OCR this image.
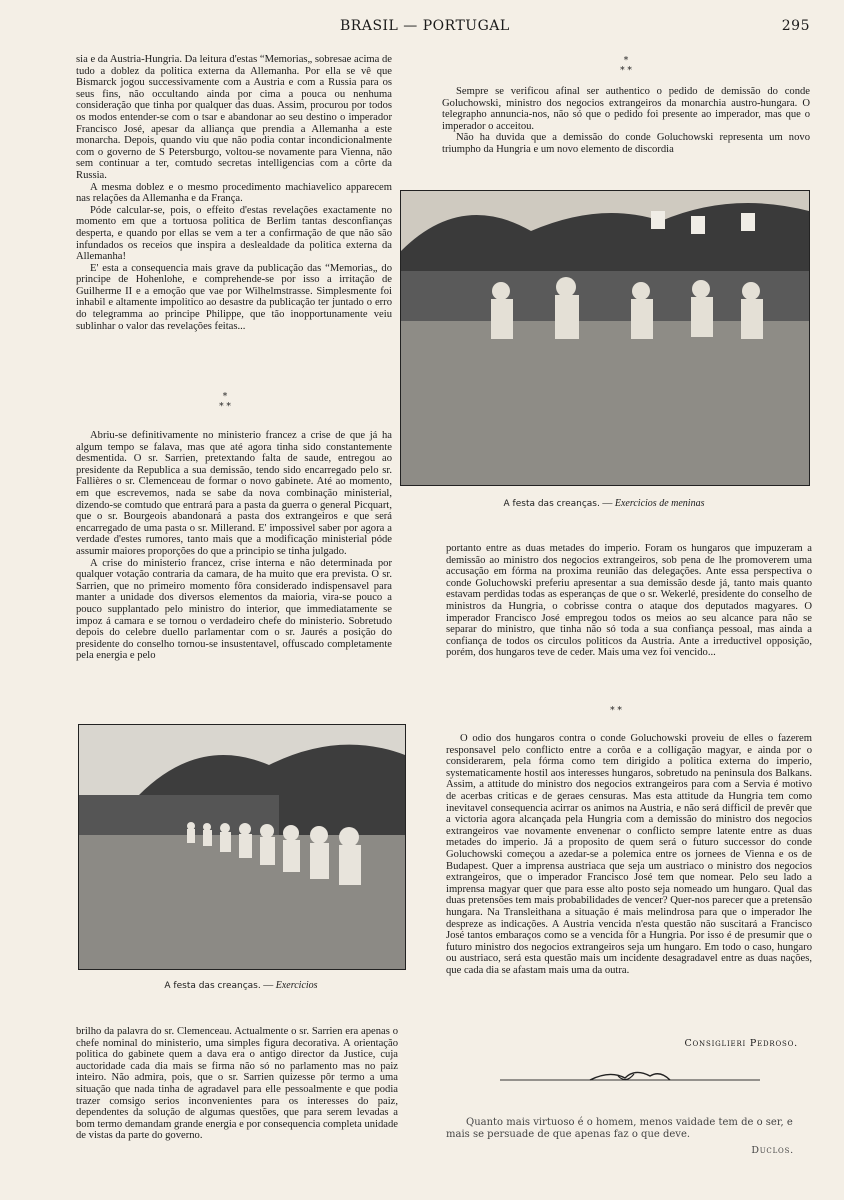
BRASIL — PORTUGAL	295

sia e da Austria-Hungria. Da leitura d'estas “Memorias„ sobresae acima de tudo a doblez da politica externa da Allemanha. Por ella se vê que Bismarck jogou successivamente com a Austria e com a Russia para os seus fins, não occultando ainda por cima a pouca ou nenhuma consideração que tinha por qualquer das duas. Assim, procurou por todos os modos entender-se com o tsar e abandonar ao seu destino o imperador Francisco José, apesar da alliança que prendia a Allemanha a este monarcha. Depois, quando viu que não podia contar incondicionalmente com o governo de S Petersburgo, voltou-se novamente para Vienna, não sem continuar a ter, comtudo secretas intelligencias com a côrte da Russia.

A mesma doblez e o mesmo procedimento machiavelico apparecem nas relações da Allemanha e da França.

Póde calcular-se, pois, o effeito d'estas revelações exactamente no momento em que a tortuosa politica de Berlim tantas desconfianças desperta, e quando por ellas se vem a ter a confirmação de que não são infundados os receios que inspira a deslealdade da politica externa da Allemanha!

E' esta a consequencia mais grave da publicação das “Memorias„ do principe de Hohenlohe, e comprehende-se por isso a irritação de Guilherme II e a emoção que vae por Wilhelmstrasse. Simplesmente foi inhabil e altamente impolitico ao desastre da publicação ter juntado o erro do telegramma ao principe Philippe, que tão inopportunamente veiu sublinhar o valor das revelações feitas...

*
* *

Abriu-se definitivamente no ministerio francez a crise de que já ha algum tempo se falava, mas que até agora tinha sido constantemente desmentida. O sr. Sarrien, pretextando falta de saude, entregou ao presidente da Republica a sua demissão, tendo sido encarregado pelo sr. Fallières o sr. Clemenceau de formar o novo gabinete. Até ao momento, em que escrevemos, nada se sabe da nova combinação ministerial, dizendo-se comtudo que entrará para a pasta da guerra o general Picquart, que o sr. Bourgeois abandonará a pasta dos extrangeiros e que será encarregado de uma pasta o sr. Millerand. E' impossivel saber por agora a verdade d'estes rumores, tanto mais que a modificação ministerial póde assumir maiores proporções do que a principio se tinha julgado.

A crise do ministerio francez, crise interna e não determinada por qualquer votação contraria da camara, de ha muito que era prevista. O sr. Sarrien, que no primeiro momento fôra considerado indispensavel para manter a unidade dos diversos elementos da maioria, vira-se pouco a pouco supplantado pelo ministro do interior, que immediatamente se impoz á camara e se tornou o verdadeiro chefe do ministerio. Sobretudo depois do celebre duello parlamentar com o sr. Jaurés a posição do presidente do conselho tornou-se insustentavel, offuscado completamente pela energia e pelo

A festa das creanças. — Exercicios

brilho da palavra do sr. Clemenceau. Actualmente o sr. Sarrien era apenas o chefe nominal do ministerio, uma simples figura decorativa. A orientação politica do gabinete quem a dava era o antigo director da Justice, cuja auctoridade cada dia mais se firma não só no parlamento mas no paiz inteiro. Não admira, pois, que o sr. Sarrien quizesse pôr termo a uma situação que nada tinha de agradavel para elle pessoalmente e que podia trazer comsigo serios inconvenientes para os interesses do paiz, dependentes da solução de algumas questões, que para serem levadas a bom termo demandam grande energia e por consequencia completa unidade de vistas da parte do governo.

*
* *

Sempre se verificou afinal ser authentico o pedido de demissão do conde Goluchowski, ministro dos negocios extrangeiros da monarchia austro-hungara. O telegrapho annuncia-nos, não só que o pedido foi presente ao imperador, mas que o imperador o acceitou.

Não ha duvida que a demissão do conde Goluchowski representa um novo triumpho da Hungria e um novo elemento de discordia

A festa das creanças. — Exercicios de meninas

portanto entre as duas metades do imperio. Foram os hungaros que impuzeram a demissão ao ministro dos negocios extrangeiros, sob pena de lhe promoverem uma accusação em fórma na proxima reunião das delegações. Ante essa perspectiva o conde Goluchowski preferiu apresentar a sua demissão desde já, tanto mais quanto estavam perdidas todas as esperanças de que o sr. Wekerlé, presidente do conselho de ministros da Hungria, o cobrisse contra o ataque dos deputados magyares. O imperador Francisco José empregou todos os meios ao seu alcance para não se separar do ministro, que tinha não só toda a sua confiança pessoal, mas ainda a confiança de todos os circulos politicos da Austria. Ante a irreductivel opposição, porém, dos hungaros teve de ceder. Mais uma vez foi vencido...

* *

O odio dos hungaros contra o conde Goluchowski proveiu de elles o fazerem responsavel pelo conflicto entre a corôa e a collígação magyar, e ainda por o considerarem, pela fórma como tem dirigido a politica externa do imperio, systematicamente hostil aos interesses hungaros, sobretudo na peninsula dos Balkans. Assim, a attitude do ministro dos negocios extrangeiros para com a Servia é motivo de acerbas criticas e de geraes censuras. Mas esta attitude da Hungria tem como inevitavel consequencia acirrar os animos na Austria, e não será difficil de prevêr que a victoria agora alcançada pela Hungria com a demissão do ministro dos negocios extrangeiros vae novamente envenenar o conflicto sempre latente entre as duas metades do imperio. Já a proposito de quem será o futuro successor do conde Goluchowski começou a azedar-se a polemica entre os jornees de Vienna e os de Budapest. Quer a imprensa austriaca que seja um austriaco o ministro dos negocios extrangeiros, que o imperador Francisco José tem que nomear. Pelo seu lado a imprensa magyar quer que para esse alto posto seja nomeado um hungaro. Qual das duas pretensões tem mais probabilidades de vencer? Quer-nos parecer que a pretensão hungara. Na Transleithana a situação é mais melindrosa para que o imperador lhe despreze as indicações. A Austria vencida n'esta questão não suscitará a Francisco José tantos embaraços como se a vencida fôr a Hungria. Por isso é de presumir que o futuro ministro dos negocios extrangeiros seja um hungaro. Em todo o caso, hungaro ou austriaco, será esta questão mais um incidente desagradavel entre as duas nações, que cada dia se afastam mais uma da outra.

Consiglieri Pedroso.
Quanto mais virtuoso é o homem, menos vaidade tem de o ser, e mais se persuade de que apenas faz o que deve.
Duclos.
